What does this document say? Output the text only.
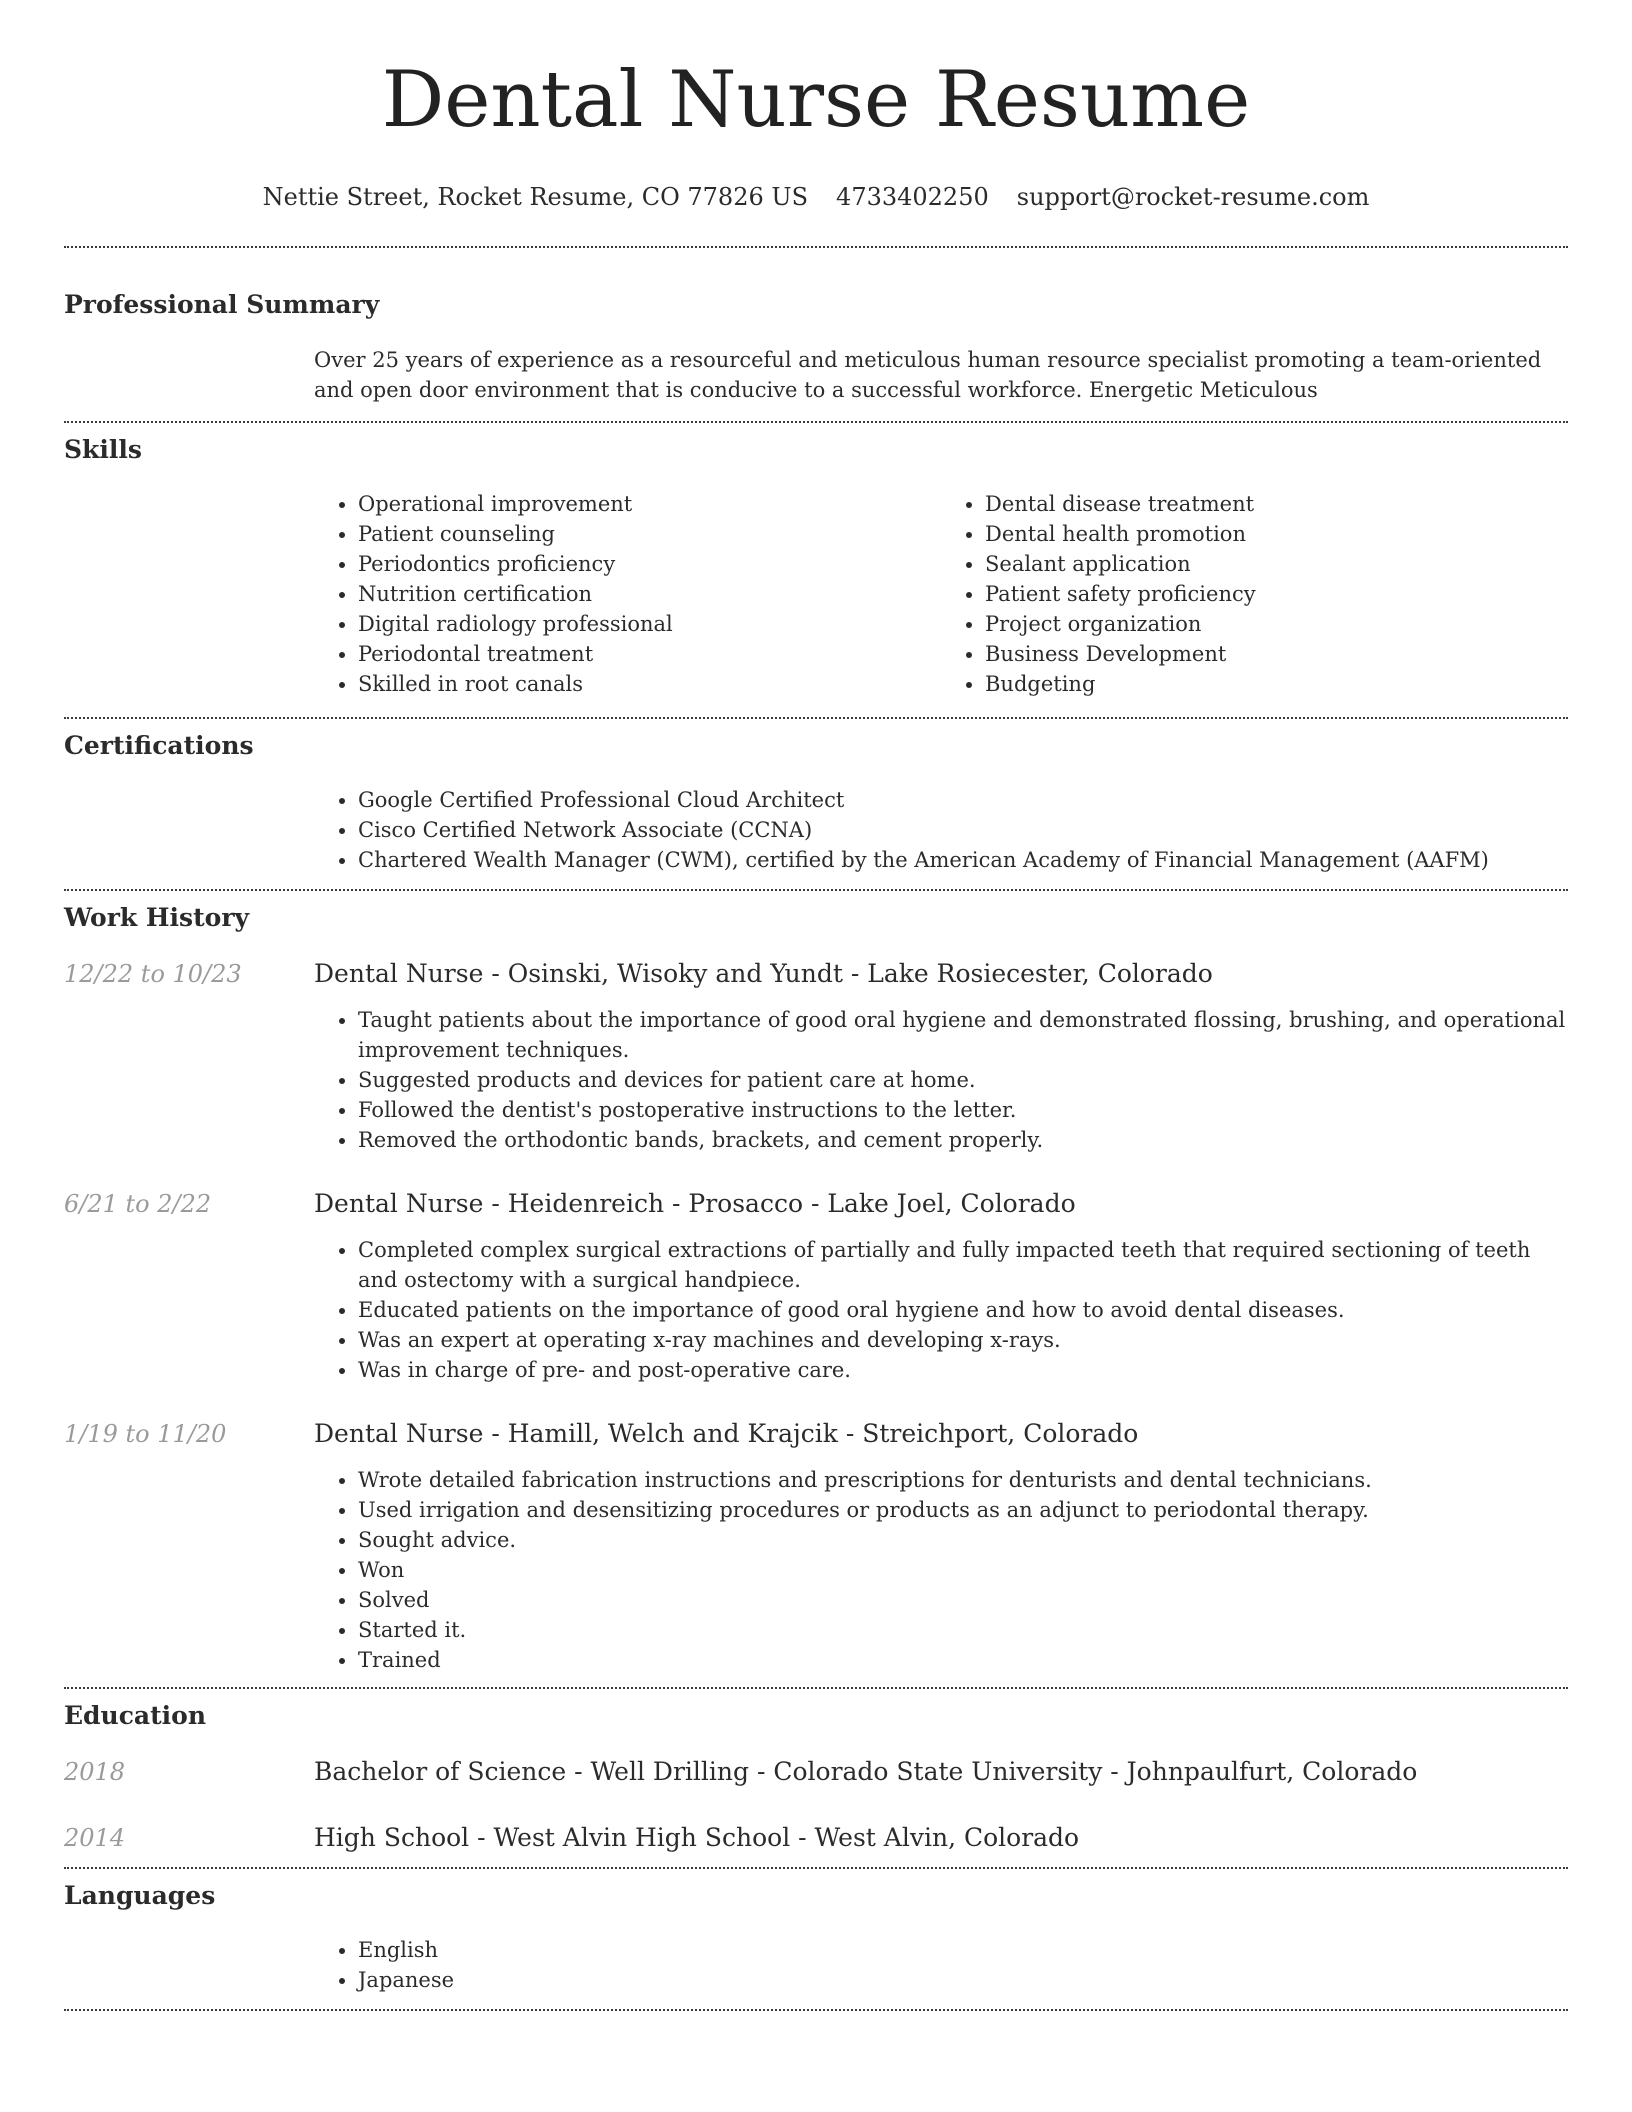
Dental Nurse Resume
Nettie Street, Rocket Resume, CO 77826 US 4733402250 support@rocket-resume.com
Professional Summary
Over 25 years of experience as a resourceful and meticulous human resource specialist promoting a team-oriented and open door environment that is conducive to a successful workforce. Energetic Meticulous
Skills
• Operational improvement
• Patient counseling
• Periodontics proficiency
• Nutrition certification
• Digital radiology professional
• Periodontal treatment
• Skilled in root canals
• Dental disease treatment
• Dental health promotion
• Sealant application
• Patient safety proficiency
• Project organization
• Business Development
• Budgeting
Certifications
• Google Certified Professional Cloud Architect
• Cisco Certified Network Associate (CCNA)
• Chartered Wealth Manager (CWM), certified by the American Academy of Financial Management (AAFM)
Work History
12/22 to 10/23	Dental Nurse - Osinski, Wisoky and Yundt - Lake Rosiecester, Colorado
• Taught patients about the importance of good oral hygiene and demonstrated flossing, brushing, and operational improvement techniques.
• Suggested products and devices for patient care at home.
• Followed the dentist's postoperative instructions to the letter.
• Removed the orthodontic bands, brackets, and cement properly.
6/21 to 2/22	Dental Nurse - Heidenreich - Prosacco - Lake Joel, Colorado
• Completed complex surgical extractions of partially and fully impacted teeth that required sectioning of teeth and ostectomy with a surgical handpiece.
• Educated patients on the importance of good oral hygiene and how to avoid dental diseases.
• Was an expert at operating x-ray machines and developing x-rays.
• Was in charge of pre- and post-operative care.
1/19 to 11/20	Dental Nurse - Hamill, Welch and Krajcik - Streichport, Colorado
• Wrote detailed fabrication instructions and prescriptions for denturists and dental technicians.
• Used irrigation and desensitizing procedures or products as an adjunct to periodontal therapy.
• Sought advice.
• Won
• Solved
• Started it.
• Trained
Education
2018	Bachelor of Science - Well Drilling - Colorado State University - Johnpaulfurt, Colorado
2014	High School - West Alvin High School - West Alvin, Colorado
Languages
• English
• Japanese
